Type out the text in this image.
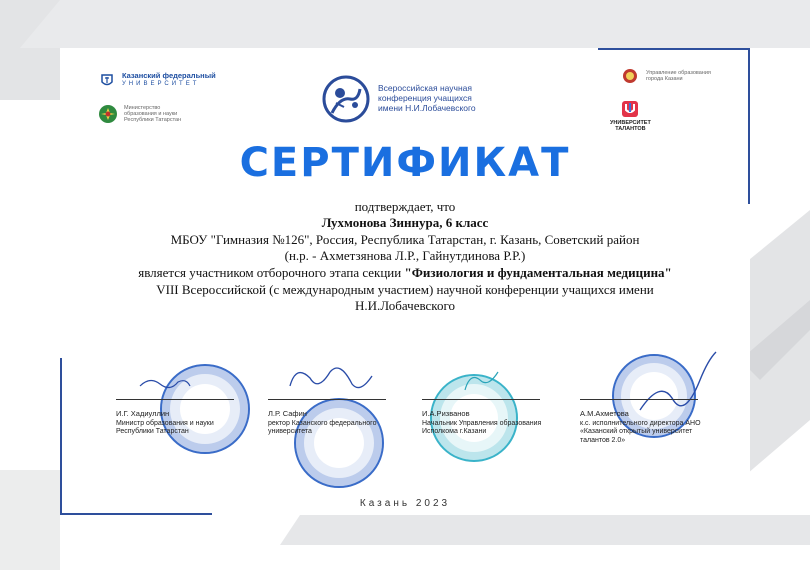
Казанский федеральный
УНИВЕРСИТЕТ
Министерство образования и науки Республики Татарстан
Всероссийская научная
конференция учащихся
имени Н.И.Лобачевского
Управление образования города Казани
УНИВЕРСИТЕТ
ТАЛАНТОВ
СЕРТИФИКАТ
подтверждает, что
Лухмонова Зиннура, 6 класс
МБОУ "Гимназия №126", Россия, Республика Татарстан, г. Казань, Советский район
(н.р. - Ахметзянова Л.Р., Гайнутдинова Р.Р.)
является участником отборочного этапа секции "Физиология и фундаментальная медицина"
VIII Всероссийской (с международным участием) научной конференции учащихся имени
Н.И.Лобачевского
И.Г. Хадиуллин
Министр образования и науки Республики Татарстан
Л.Р. Сафин
ректор Казанского федерального университета
И.А.Ризванов
Начальник Управления образования Исполкома г.Казани
А.М.Ахметова
к.с. исполнительного директора АНО «Казанский открытый университет талантов 2.0»
Казань 2023
